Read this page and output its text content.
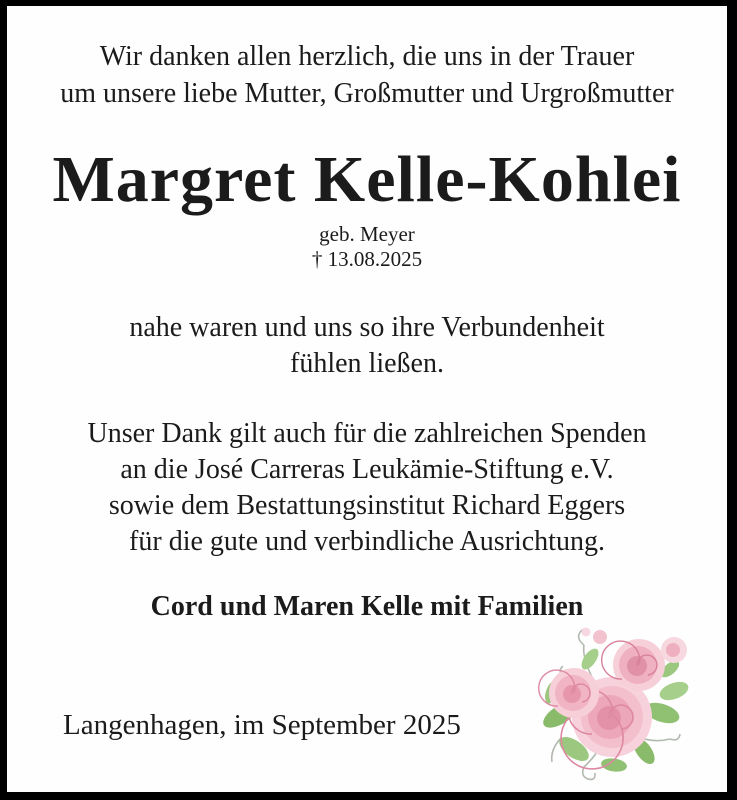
Wir danken allen herzlich, die uns in der Trauer
um unsere liebe Mutter, Großmutter und Urgroßmutter
Margret Kelle-Kohlei
geb. Meyer
† 13.08.2025
nahe waren und uns so ihre Verbundenheit
fühlen ließen.
Unser Dank gilt auch für die zahlreichen Spenden
an die José Carreras Leukämie-Stiftung e.V.
sowie dem Bestattungsinstitut Richard Eggers
für die gute und verbindliche Ausrichtung.
Cord und Maren Kelle mit Familien
Langenhagen, im September 2025
